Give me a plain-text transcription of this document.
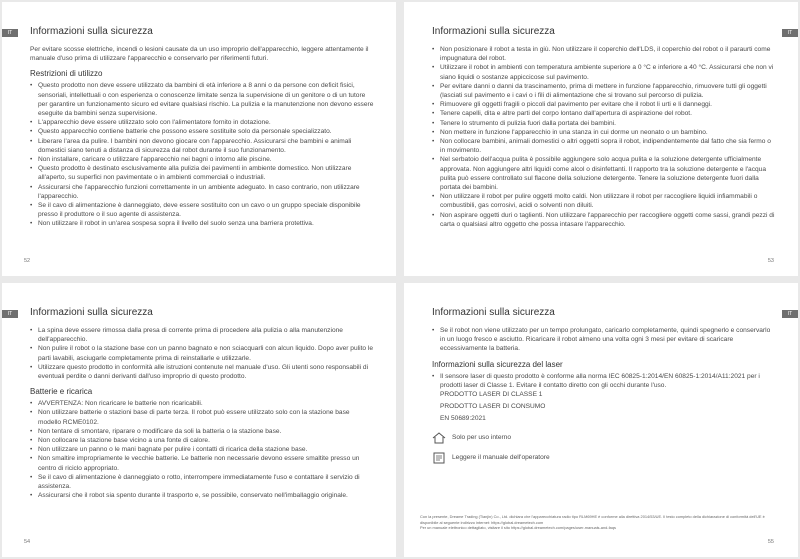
IT	Informazioni sulla sicurezza

Per evitare scosse elettriche, incendi o lesioni causate da un uso improprio dell'apparecchio, leggere attentamente il manuale d'uso prima di utilizzare l'apparecchio e conservarlo per riferimenti futuri.

Restrizioni di utilizzo
• Questo prodotto non deve essere utilizzato da bambini di età inferiore a 8 anni o da persone con deficit fisici, sensoriali, intellettuali o con esperienza o conoscenze limitate senza la supervisione di un genitore o di un tutore per garantire un funzionamento sicuro ed evitare qualsiasi rischio. La pulizia e la manutenzione non devono essere eseguite da bambini senza supervisione.
• L'apparecchio deve essere utilizzato solo con l'alimentatore fornito in dotazione.
• Questo apparecchio contiene batterie che possono essere sostituite solo da personale specializzato.
• Liberare l'area da pulire. I bambini non devono giocare con l'apparecchio. Assicurarsi che bambini e animali domestici siano tenuti a distanza di sicurezza dal robot durante il suo funzionamento.
• Non installare, caricare o utilizzare l'apparecchio nei bagni o intorno alle piscine.
• Questo prodotto è destinato esclusivamente alla pulizia dei pavimenti in ambiente domestico. Non utilizzare all'aperto, su superfici non pavimentate o in ambienti commerciali o industriali.
• Assicurarsi che l'apparecchio funzioni correttamente in un ambiente adeguato. In caso contrario, non utilizzare l'apparecchio.
• Se il cavo di alimentazione è danneggiato, deve essere sostituito con un cavo o un gruppo speciale disponibile presso il produttore o il suo agente di assistenza.
• Non utilizzare il robot in un'area sospesa sopra il livello del suolo senza una barriera protettiva.
52
IT
Informazioni sulla sicurezza
• Non posizionare il robot a testa in giù. Non utilizzare il coperchio dell'LDS, il coperchio del robot o il paraurti come impugnatura del robot.
• Utilizzare il robot in ambienti con temperatura ambiente superiore a 0 °C e inferiore a 40 °C. Assicurarsi che non vi siano liquidi o sostanze appiccicose sul pavimento.
• Per evitare danni o danni da trascinamento, prima di mettere in funzione l'apparecchio, rimuovere tutti gli oggetti (lasciati sul pavimento e i cavi o i fili di alimentazione che si trovano sul percorso di pulizia.
• Rimuovere gli oggetti fragili o piccoli dal pavimento per evitare che il robot li urti e li danneggi.
• Tenere capelli, dita e altre parti del corpo lontano dall'apertura di aspirazione del robot.
• Tenere lo strumento di pulizia fuori dalla portata dei bambini.
• Non mettere in funzione l'apparecchio in una stanza in cui dorme un neonato o un bambino.
• Non collocare bambini, animali domestici o altri oggetti sopra il robot, indipendentemente dal fatto che sia fermo o in movimento.
• Nel serbatoio dell'acqua pulita è possibile aggiungere solo acqua pulita e la soluzione detergente ufficialmente approvata. Non aggiungere altri liquidi come alcol o disinfettanti. Il rapporto tra la soluzione detergente e l'acqua pulita può essere controllato sul flacone della soluzione detergente. Tenere la soluzione detergente fuori dalla portata dei bambini.
• Non utilizzare il robot per pulire oggetti molto caldi. Non utilizzare il robot per raccogliere liquidi infiammabili o combustibili, gas corrosivi, acidi o solventi non diluiti.
• Non aspirare oggetti duri o taglienti. Non utilizzare l'apparecchio per raccogliere oggetti come sassi, grandi pezzi di carta o qualsiasi altro oggetto che possa intasare l'apparecchio.
53
IT	Informazioni sulla sicurezza
• La spina deve essere rimossa dalla presa di corrente prima di procedere alla pulizia o alla manutenzione dell'apparecchio.
• Non pulire il robot o la stazione base con un panno bagnato e non sciacquarli con alcun liquido. Dopo aver pulito le parti lavabili, asciugarle completamente prima di reinstallarle e utilizzarle.
• Utilizzare questo prodotto in conformità alle istruzioni contenute nel manuale d'uso. Gli utenti sono responsabili di eventuali perdite o danni derivanti dall'uso improprio di questo prodotto.
Batterie e ricarica
• AVVERTENZA: Non ricaricare le batterie non ricaricabili.
• Non utilizzare batterie o stazioni base di parte terza. Il robot può essere utilizzato solo con la stazione base modello RCME0102.
• Non tentare di smontare, riparare o modificare da soli la batteria o la stazione base.
• Non collocare la stazione base vicino a una fonte di calore.
• Non utilizzare un panno o le mani bagnate per pulire i contatti di ricarica della stazione base.
• Non smaltire impropriamente le vecchie batterie. Le batterie non necessarie devono essere smaltite presso un centro di riciclo appropriato.
• Se il cavo di alimentazione è danneggiato o rotto, interrompere immediatamente l'uso e contattare il servizio di assistenza.
• Assicurarsi che il robot sia spento durante il trasporto e, se possibile, conservato nell'imballaggio originale.
54
IT
Informazioni sulla sicurezza
• Se il robot non viene utilizzato per un tempo prolungato, caricarlo completamente, quindi spegnerlo e conservarlo in un luogo fresco e asciutto. Ricaricare il robot almeno una volta ogni 3 mesi per evitare di scaricare eccessivamente la batteria.
Informazioni sulla sicurezza del laser
• Il sensore laser di questo prodotto è conforme alla norma IEC 60825-1:2014/EN 60825-1:2014/A11:2021 per i prodotti laser di Classe 1. Evitare il contatto diretto con gli occhi durante l'uso.
PRODOTTO LASER DI CLASSE 1
PRODOTTO LASER DI CONSUMO
EN 50689:2021
Solo per uso interno
Leggere il manuale dell'operatore
Con la presente, Dreame Trading (Tianjin) Co., Ltd. dichiara che l'apparecchiatura radio tipo RLM69HE è conforme alla direttiva 2014/53/UE. Il testo completo della dichiarazione di conformità dell'UE è disponibile al seguente indirizzo internet: https://global.dreametech.com
Per un manuale elettronico dettagliato, visitare il sito https://global.dreametech.com/pages/user-manuals-and-faqs
55
